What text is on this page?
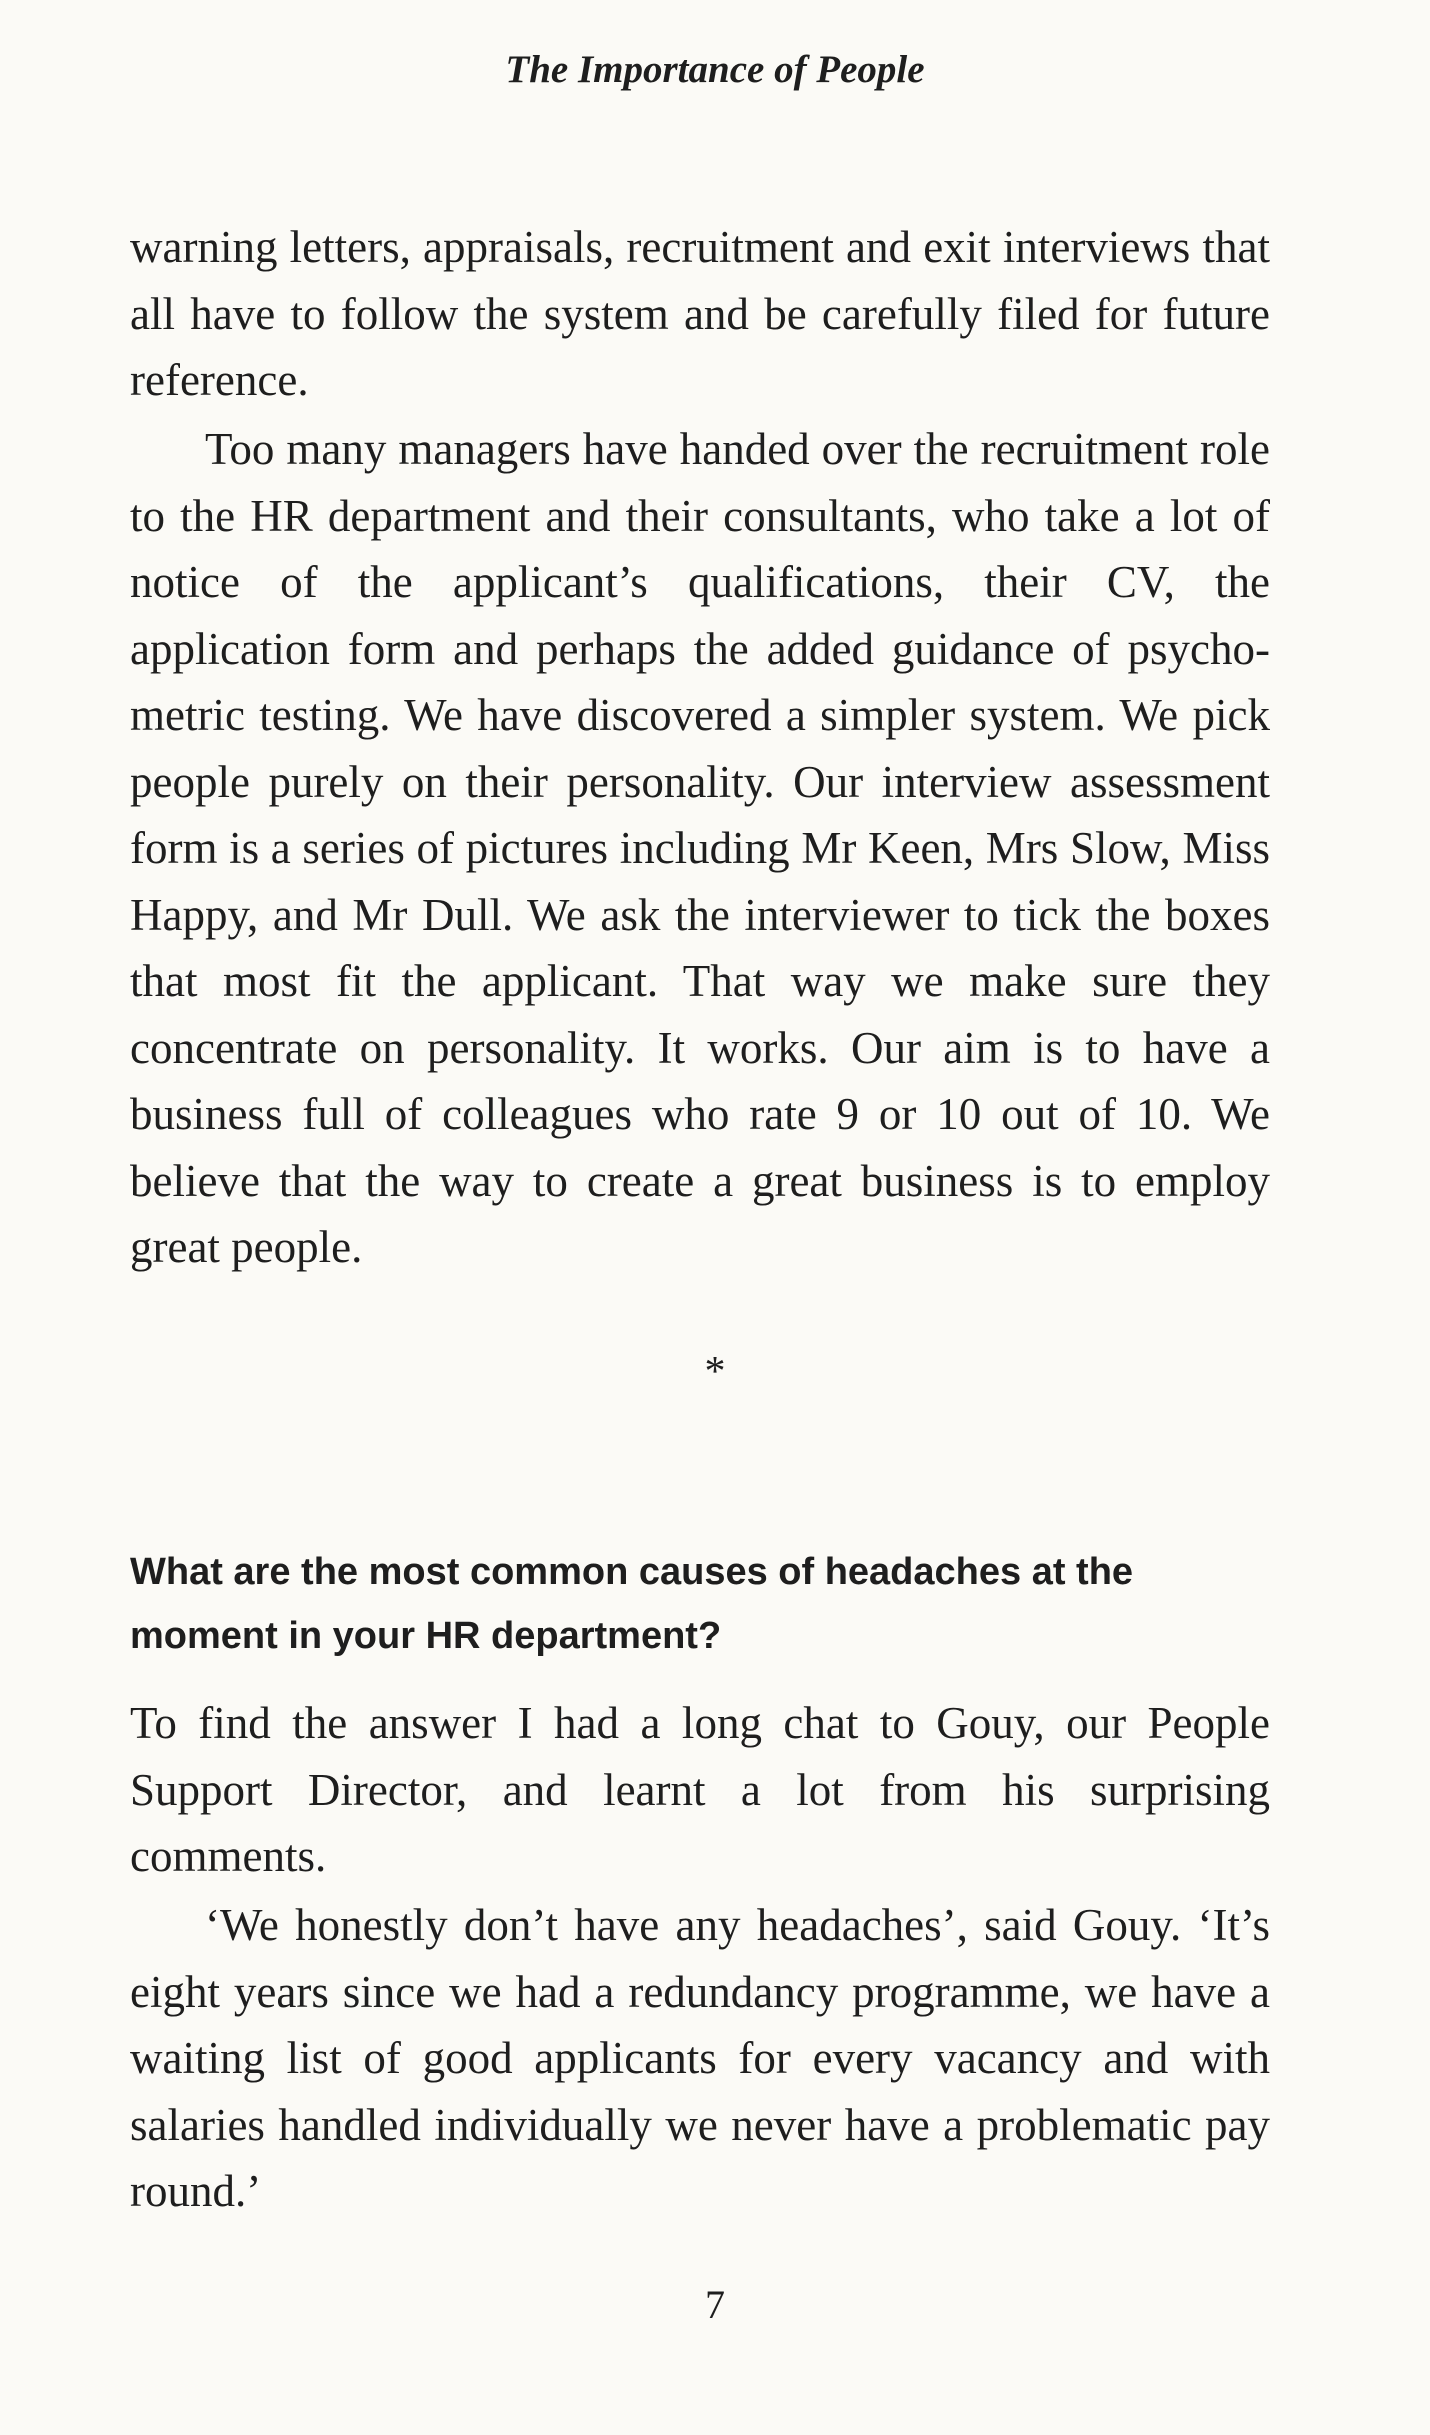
The Importance of People

warning letters, appraisals, recruitment and exit interviews that all have to follow the system and be carefully filed for future reference.

Too many managers have handed over the recruitment role to the HR department and their consultants, who take a lot of notice of the applicant’s qualifications, their CV, the application form and perhaps the added guidance of psychometric testing. We have discovered a simpler system. We pick people purely on their personality. Our interview assessment form is a series of pictures including Mr Keen, Mrs Slow, Miss Happy, and Mr Dull. We ask the interviewer to tick the boxes that most fit the applicant. That way we make sure they concentrate on personality. It works. Our aim is to have a business full of colleagues who rate 9 or 10 out of 10. We believe that the way to create a great business is to employ great people.

*
What are the most common causes of headaches at the moment in your HR department?

To find the answer I had a long chat to Gouy, our People Support Director, and learnt a lot from his surprising comments.

‘We honestly don’t have any headaches’, said Gouy. ‘It’s eight years since we had a redundancy programme, we have a waiting list of good applicants for every vacancy and with salaries handled individually we never have a problematic pay round.’

7
